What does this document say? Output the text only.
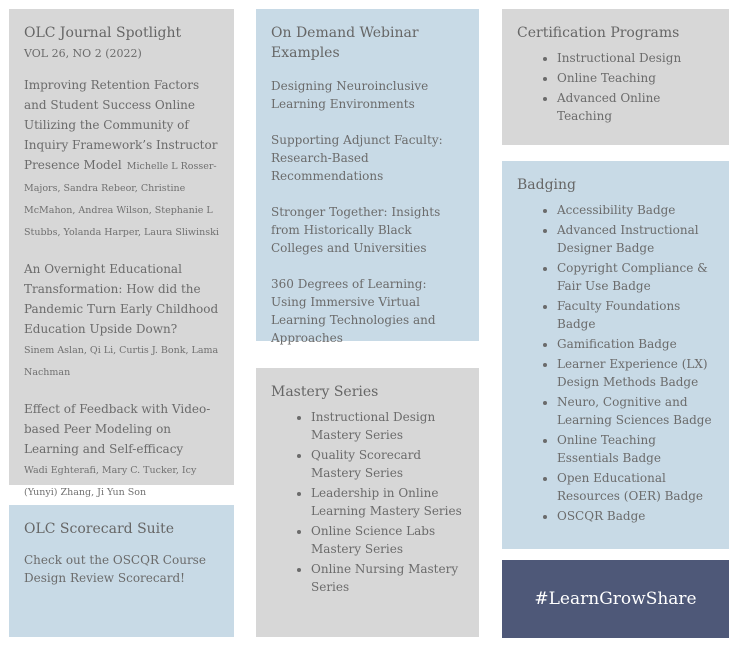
OLC Journal Spotlight
VOL 26, NO 2 (2022)
Improving Retention Factors and Student Success Online Utilizing the Community of Inquiry Framework’s Instructor Presence Model Michelle L Rosser-Majors, Sandra Rebeor, Christine McMahon, Andrea Wilson, Stephanie L Stubbs, Yolanda Harper, Laura Sliwinski
An Overnight Educational Transformation: How did the Pandemic Turn Early Childhood Education Upside Down?
Sinem Aslan, Qi Li, Curtis J. Bonk, Lama Nachman
Effect of Feedback with Video-based Peer Modeling on Learning and Self-efficacy
Wadi Eghterafi, Mary C. Tucker, Icy (Yunyi) Zhang, Ji Yun Son
OLC Scorecard Suite
Check out the OSCQR Course Design Review Scorecard!
On Demand Webinar Examples
Designing Neuroinclusive Learning Environments
Supporting Adjunct Faculty: Research-Based Recommendations
Stronger Together: Insights from Historically Black Colleges and Universities
360 Degrees of Learning: Using Immersive Virtual Learning Technologies and Approaches
Mastery Series
• Instructional Design Mastery Series
• Quality Scorecard Mastery Series
• Leadership in Online Learning Mastery Series
• Online Science Labs Mastery Series
• Online Nursing Mastery Series
Certification Programs
• Instructional Design
• Online Teaching
• Advanced Online Teaching
Badging
• Accessibility Badge
• Advanced Instructional Designer Badge
• Copyright Compliance & Fair Use Badge
• Faculty Foundations Badge
• Gamification Badge
• Learner Experience (LX) Design Methods Badge
• Neuro, Cognitive and Learning Sciences Badge
• Online Teaching Essentials Badge
• Open Educational Resources (OER) Badge
• OSCQR Badge
#LearnGrowShare
